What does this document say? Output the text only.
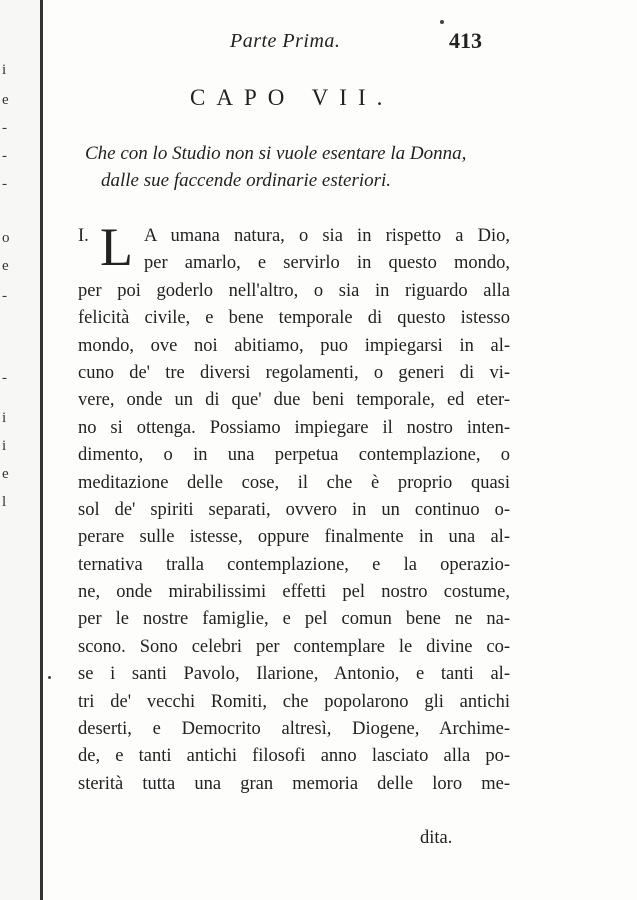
i
e
-
-
-
o
e
-
-
i
i
e
l
Parte Prima.	413
CAPO VII.
Che con lo Studio non si vuole esentare la Donna,
dalle sue faccende ordinarie esteriori.
I. L A umana natura, o sia in rispetto a Dio,
per amarlo, e servirlo in questo mondo,
per poi goderlo nell'altro, o sia in riguardo alla
felicità civile, e bene temporale di questo istesso
mondo, ove noi abitiamo, puo impiegarsi in al-
cuno de' tre diversi regolamenti, o generi di vi-
vere, onde un di que' due beni temporale, ed eter-
no si ottenga. Possiamo impiegare il nostro inten-
dimento, o in una perpetua contemplazione, o
meditazione delle cose, il che è proprio quasi
sol de' spiriti separati, ovvero in un continuo o-
perare sulle istesse, oppure finalmente in una al-
ternativa tralla contemplazione, e la operazio-
ne, onde mirabilissimi effetti pel nostro costume,
per le nostre famiglie, e pel comun bene ne na-
scono. Sono celebri per contemplare le divine co-
se i santi Pavolo, Ilarione, Antonio, e tanti al-
tri de' vecchi Romiti, che popolarono gli antichi
deserti, e Democrito altresì, Diogene, Archime-
de, e tanti antichi filosofi anno lasciato alla po-
sterità tutta una gran memoria delle loro me-
dita.
